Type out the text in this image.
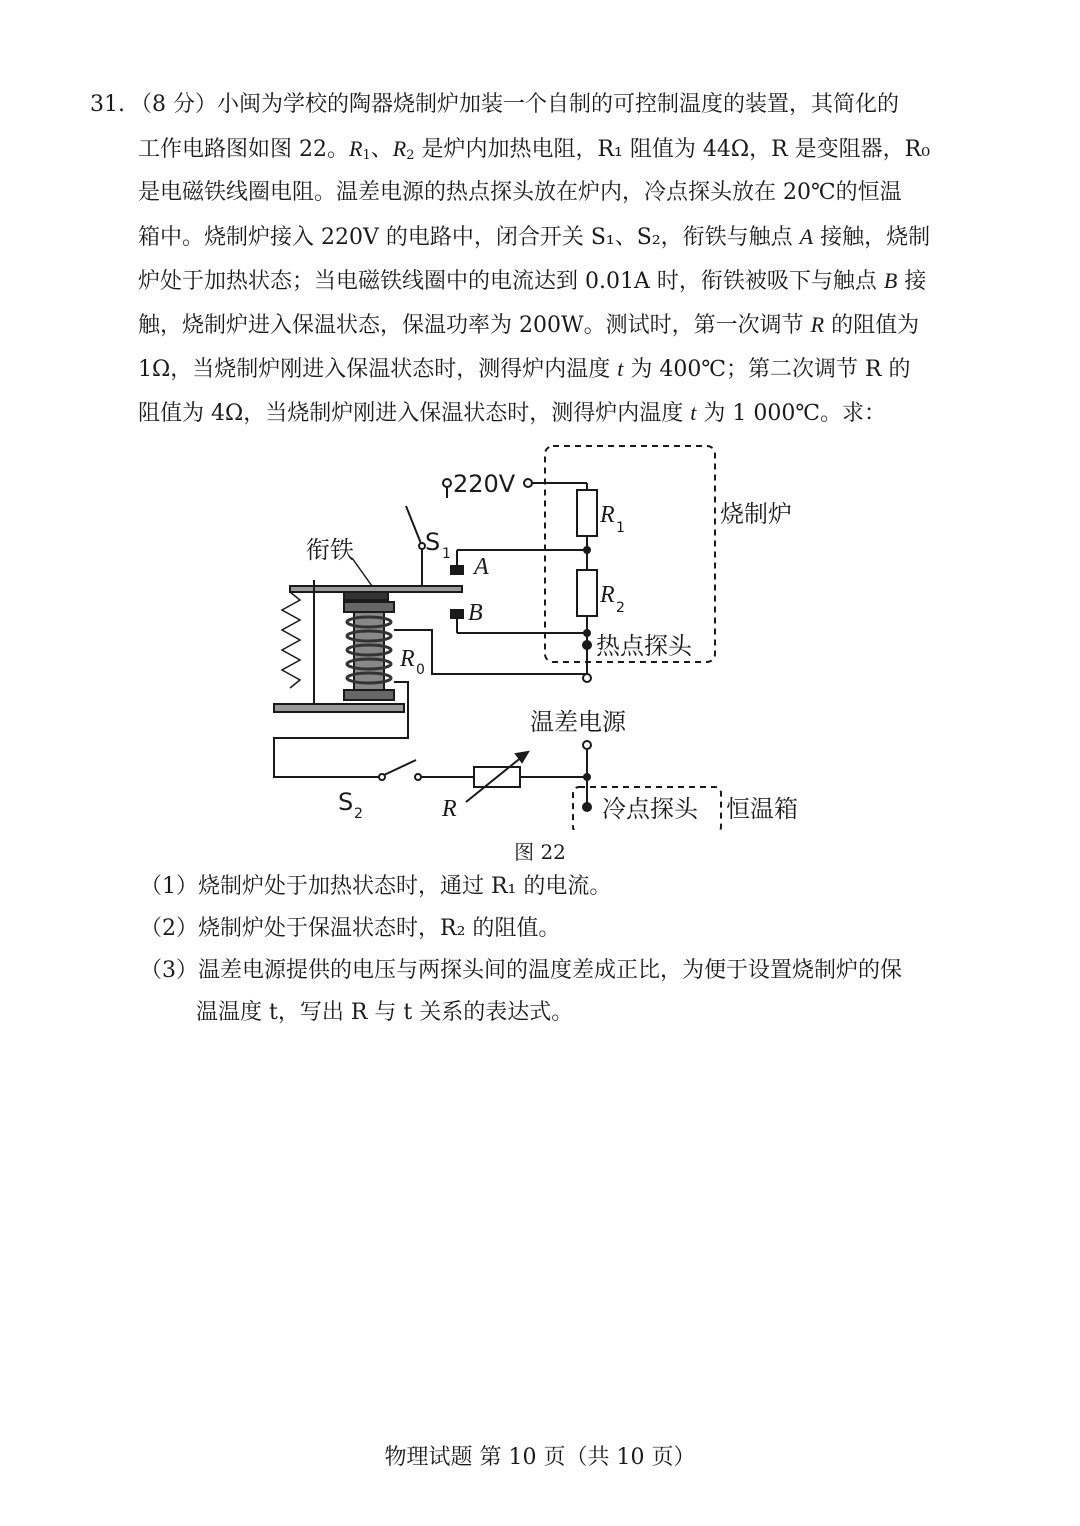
31. （8 分）小闽为学校的陶器烧制炉加装一个自制的可控制温度的装置，其简化的
工作电路图如图 22。$R_1$、$R_2$ 是炉内加热电阻，R₁ 阻值为 44Ω，R 是变阻器，R₀
是电磁铁线圈电阻。温差电源的热点探头放在炉内，冷点探头放在 20℃的恒温
箱中。烧制炉接入 220V 的电路中，闭合开关 S₁、S₂，衔铁与触点 A 接触，烧制
炉处于加热状态；当电磁铁线圈中的电流达到 0.01A 时，衔铁被吸下与触点 B 接
触，烧制炉进入保温状态，保温功率为 200W。测试时，第一次调节 R 的阻值为
1Ω，当烧制炉刚进入保温状态时，测得炉内温度 t 为 400℃；第二次调节 R 的
阻值为 4Ω，当烧制炉刚进入保温状态时，测得炉内温度 t 为 1 000℃。求：
烧制炉
220V
R 1
R 2
热点探头
温差电源
冷点探头 恒温箱
S 1 A
B
衔铁
R 0
S 2	R
图 22
（1）烧制炉处于加热状态时，通过 R₁ 的电流。
（2）烧制炉处于保温状态时，R₂ 的阻值。
（3）温差电源提供的电压与两探头间的温度差成正比，为便于设置烧制炉的保
温温度 t，写出 R 与 t 关系的表达式。
物理试题 第 10 页（共 10 页）
